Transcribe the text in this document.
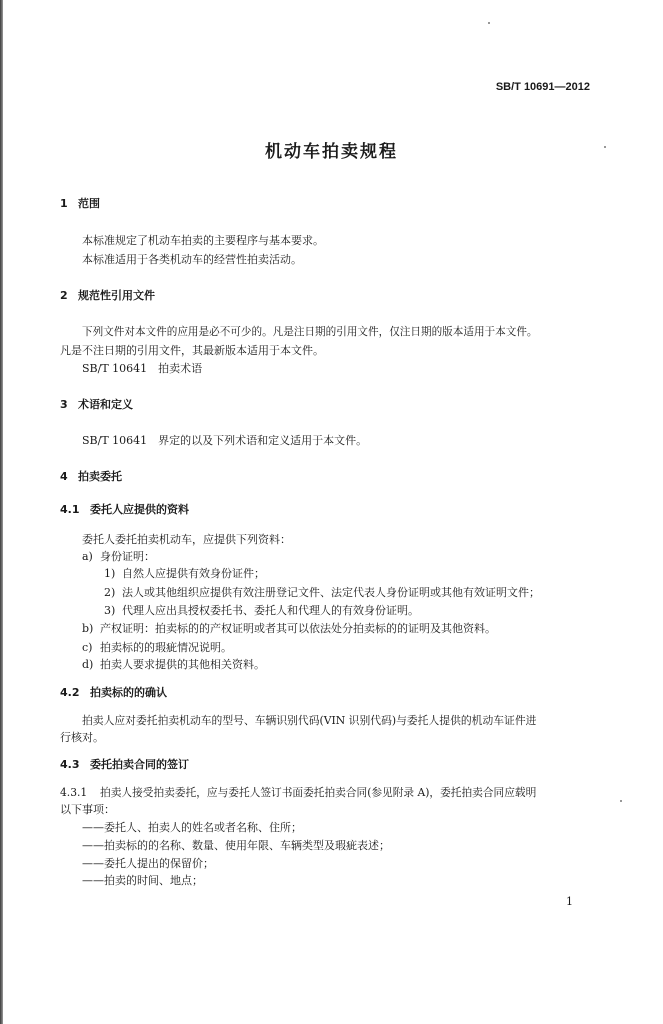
SB/T 10691—2012
机动车拍卖规程
1 范围
本标准规定了机动车拍卖的主要程序与基本要求。
本标准适用于各类机动车的经营性拍卖活动。
2 规范性引用文件
下列文件对本文件的应用是必不可少的。凡是注日期的引用文件，仅注日期的版本适用于本文件。
凡是不注日期的引用文件，其最新版本适用于本文件。
SB/T 10641　拍卖术语
3 术语和定义
SB/T 10641　界定的以及下列术语和定义适用于本文件。
4 拍卖委托
4.1 委托人应提供的资料
委托人委托拍卖机动车，应提供下列资料：
a) 身份证明：
1) 自然人应提供有效身份证件；
2) 法人或其他组织应提供有效注册登记文件、法定代表人身份证明或其他有效证明文件；
3) 代理人应出具授权委托书、委托人和代理人的有效身份证明。
b) 产权证明：拍卖标的的产权证明或者其可以依法处分拍卖标的的证明及其他资料。
c) 拍卖标的的瑕疵情况说明。
d) 拍卖人要求提供的其他相关资料。
4.2 拍卖标的的确认
拍卖人应对委托拍卖机动车的型号、车辆识别代码(VIN 识别代码)与委托人提供的机动车证件进
行核对。
4.3 委托拍卖合同的签订
4.3.1 拍卖人接受拍卖委托，应与委托人签订书面委托拍卖合同(参见附录 A)，委托拍卖合同应载明
以下事项：
——委托人、拍卖人的姓名或者名称、住所；
——拍卖标的的名称、数量、使用年限、车辆类型及瑕疵表述；
——委托人提出的保留价；
——拍卖的时间、地点；
1
